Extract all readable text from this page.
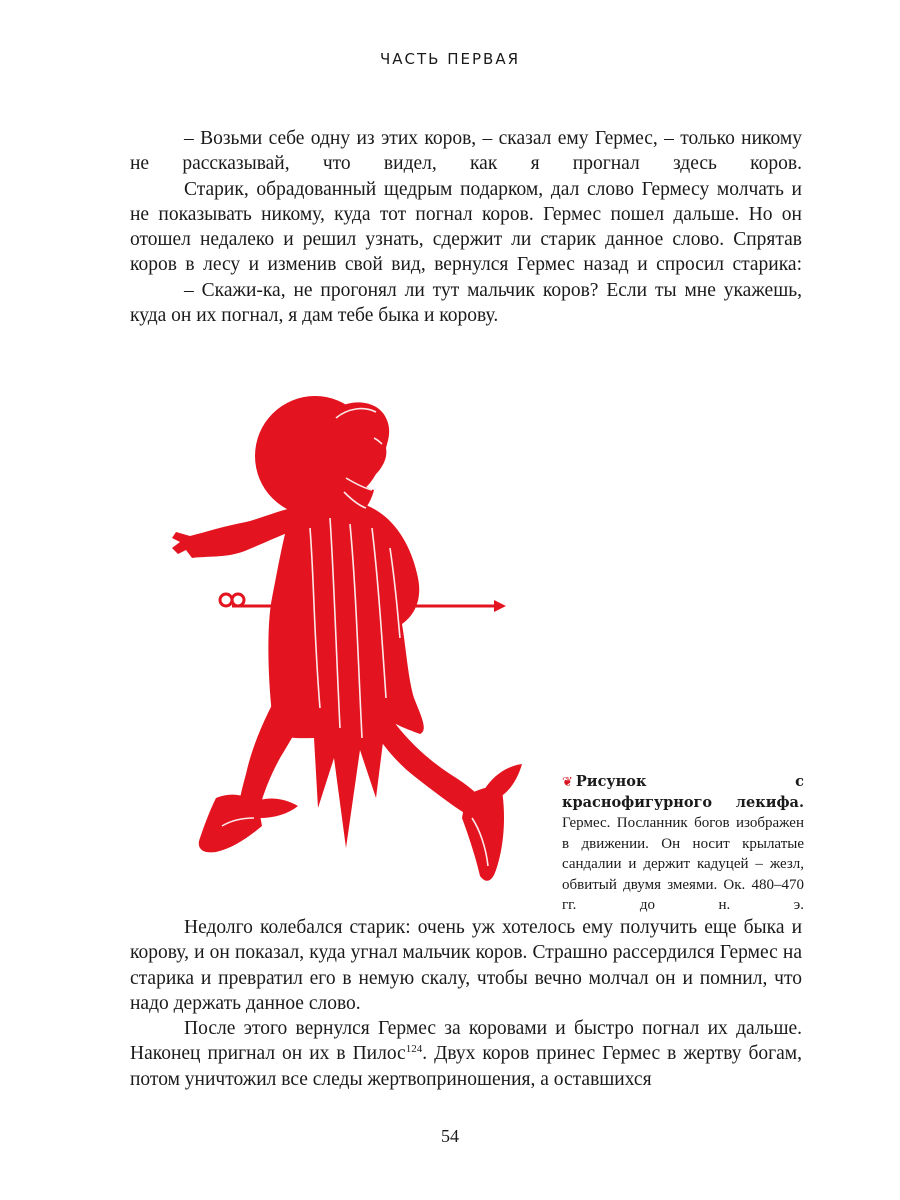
ЧАСТЬ ПЕРВАЯ

– Возьми себе одну из этих коров, – сказал ему Гермес, – только никому не рассказывай, что видел, как я прогнал здесь коров.

Старик, обрадованный щедрым подарком, дал слово Гермесу молчать и не показывать никому, куда тот погнал коров. Гермес пошел дальше. Но он отошел недалеко и решил узнать, сдержит ли старик данное слово. Спрятав коров в лесу и изменив свой вид, вернулся Гермес назад и спросил старика:

– Скажи-ка, не прогонял ли тут мальчик коров? Если ты мне укажешь, куда он их погнал, я дам тебе быка и корову.

❦ Рисунок с краснофигурного лекифа. Гермес. Посланник богов изображен в движении. Он носит крылатые сандалии и держит кадуцей – жезл, обвитый двумя змеями. Ок. 480–470 гг. до н. э.

Недолго колебался старик: очень уж хотелось ему получить еще быка и корову, и он показал, куда угнал мальчик коров. Страшно рассердился Гермес на старика и превратил его в немую скалу, чтобы вечно молчал он и помнил, что надо держать данное слово.

После этого вернулся Гермес за коровами и быстро погнал их дальше. Наконец пригнал он их в Пилос$^{124}$. Двух коров принес Гермес в жертву богам, потом уничтожил все следы жертвоприношения, а оставшихся

54
